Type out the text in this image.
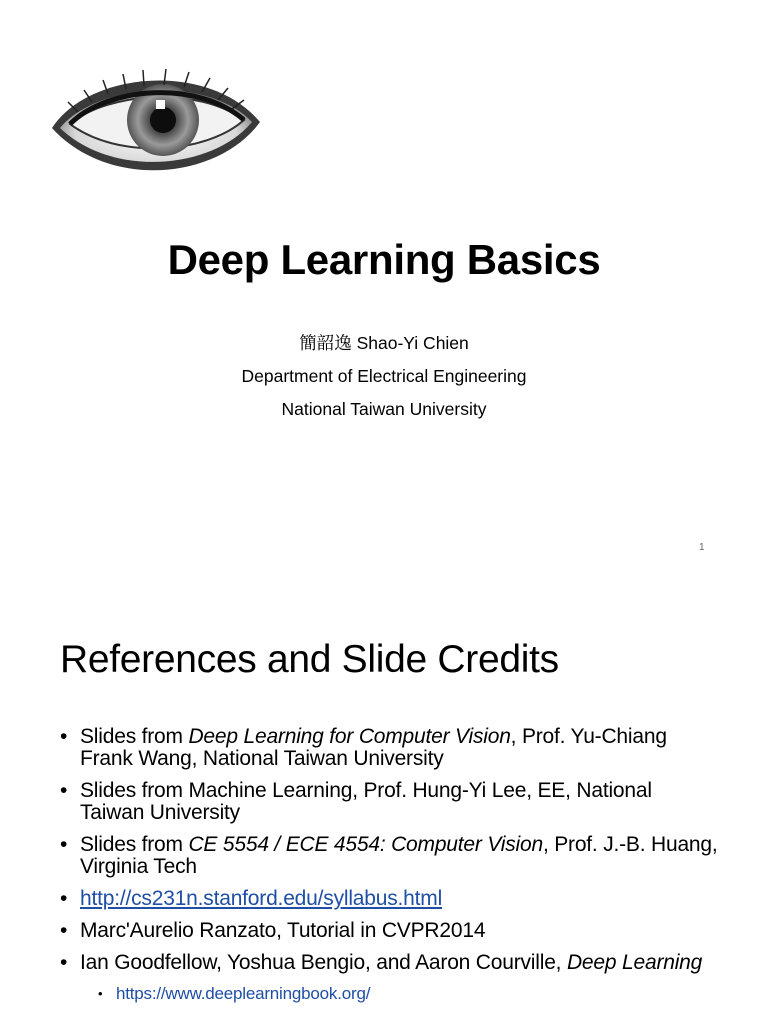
Deep Learning Basics
簡韶逸 Shao-Yi Chien
Department of Electrical Engineering
National Taiwan University
1
References and Slide Credits
• Slides from Deep Learning for Computer Vision, Prof. Yu-Chiang Frank Wang, National Taiwan University
• Slides from Machine Learning, Prof. Hung-Yi Lee, EE, National Taiwan University
• Slides from CE 5554 / ECE 4554: Computer Vision, Prof. J.-B. Huang, Virginia Tech
• http://cs231n.stanford.edu/syllabus.html
• Marc'Aurelio Ranzato, Tutorial in CVPR2014
• Ian Goodfellow, Yoshua Bengio, and Aaron Courville, Deep Learning
• https://www.deeplearningbook.org/
